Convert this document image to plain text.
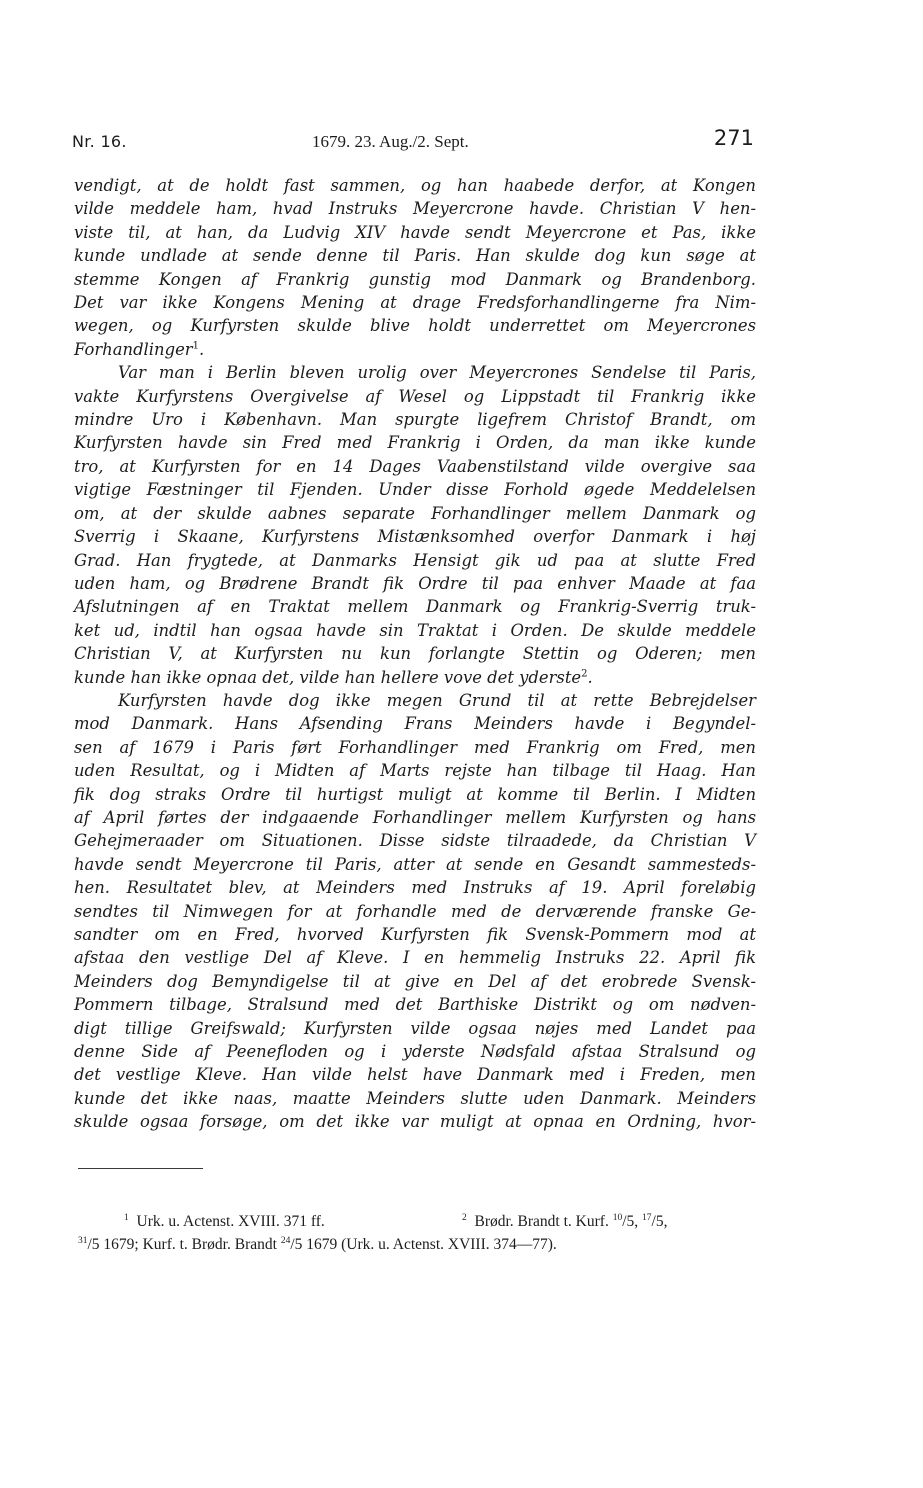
Nr. 16.	1679. 23. Aug./2. Sept.	271
vendigt, at de holdt fast sammen, og han haabede derfor, at Kongen
vilde meddele ham, hvad Instruks Meyercrone havde. Christian V hen-
viste til, at han, da Ludvig XIV havde sendt Meyercrone et Pas, ikke
kunde undlade at sende denne til Paris. Han skulde dog kun søge at
stemme Kongen af Frankrig gunstig mod Danmark og Brandenborg.
Det var ikke Kongens Mening at drage Fredsforhandlingerne fra Nim-
wegen, og Kurfyrsten skulde blive holdt underrettet om Meyercrones
Forhandlinger$^1$.
Var man i Berlin bleven urolig over Meyercrones Sendelse til Paris,
vakte Kurfyrstens Overgivelse af Wesel og Lippstadt til Frankrig ikke
mindre Uro i København. Man spurgte ligefrem Christof Brandt, om
Kurfyrsten havde sin Fred med Frankrig i Orden, da man ikke kunde
tro, at Kurfyrsten for en 14 Dages Vaabenstilstand vilde overgive saa
vigtige Fæstninger til Fjenden. Under disse Forhold øgede Meddelelsen
om, at der skulde aabnes separate Forhandlinger mellem Danmark og
Sverrig i Skaane, Kurfyrstens Mistænksomhed overfor Danmark i høj
Grad. Han frygtede, at Danmarks Hensigt gik ud paa at slutte Fred
uden ham, og Brødrene Brandt fik Ordre til paa enhver Maade at faa
Afslutningen af en Traktat mellem Danmark og Frankrig-Sverrig truk-
ket ud, indtil han ogsaa havde sin Traktat i Orden. De skulde meddele
Christian V, at Kurfyrsten nu kun forlangte Stettin og Oderen; men
kunde han ikke opnaa det, vilde han hellere vove det yderste$^2$.
Kurfyrsten havde dog ikke megen Grund til at rette Bebrejdelser
mod Danmark. Hans Afsending Frans Meinders havde i Begyndel-
sen af 1679 i Paris ført Forhandlinger med Frankrig om Fred, men
uden Resultat, og i Midten af Marts rejste han tilbage til Haag. Han
fik dog straks Ordre til hurtigst muligt at komme til Berlin. I Midten
af April førtes der indgaaende Forhandlinger mellem Kurfyrsten og hans
Gehejmeraader om Situationen. Disse sidste tilraadede, da Christian V
havde sendt Meyercrone til Paris, atter at sende en Gesandt sammesteds-
hen. Resultatet blev, at Meinders med Instruks af 19. April foreløbig
sendtes til Nimwegen for at forhandle med de derværende franske Ge-
sandter om en Fred, hvorved Kurfyrsten fik Svensk-Pommern mod at
afstaa den vestlige Del af Kleve. I en hemmelig Instruks 22. April fik
Meinders dog Bemyndigelse til at give en Del af det erobrede Svensk-
Pommern tilbage, Stralsund med det Barthiske Distrikt og om nødven-
digt tillige Greifswald; Kurfyrsten vilde ogsaa nøjes med Landet paa
denne Side af Peenefloden og i yderste Nødsfald afstaa Stralsund og
det vestlige Kleve. Han vilde helst have Danmark med i Freden, men
kunde det ikke naas, maatte Meinders slutte uden Danmark. Meinders
skulde ogsaa forsøge, om det ikke var muligt at opnaa en Ordning, hvor-
$^1$ Urk. u. Actenst. XVIII. 371 ff.	$^2$ Brødr. Brandt t. Kurf. $^{10}$/5, $^{17}$/5,
$^{31}$/5 1679; Kurf. t. Brødr. Brandt $^{24}$/5 1679 (Urk. u. Actenst. XVIII. 374—77).
